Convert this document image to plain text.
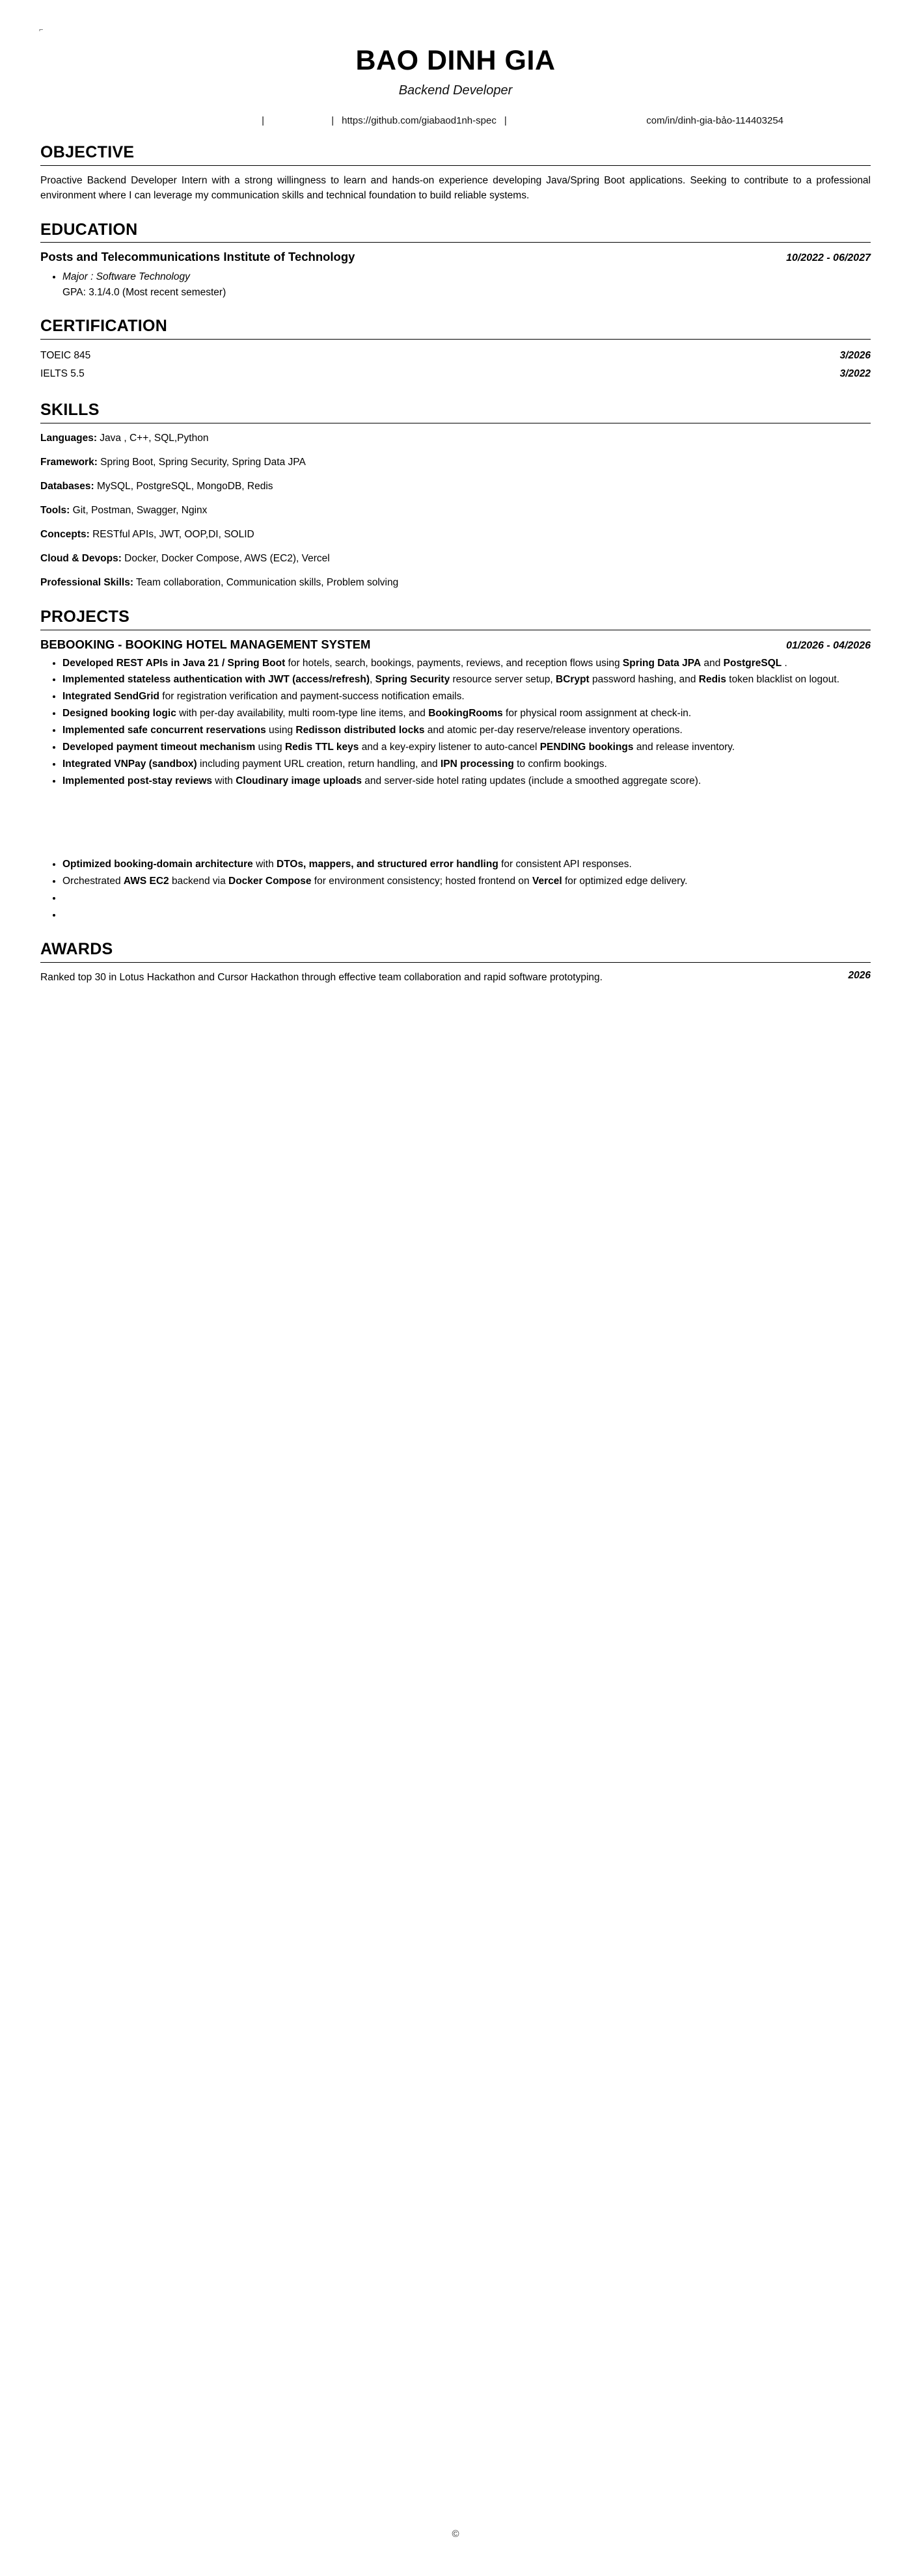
⌐
BAO DINH GIA
Backend Developer
|	| https://github.com/giabaod1nh-spec |	com/in/dinh-gia-bảo-114403254
OBJECTIVE
Proactive Backend Developer Intern with a strong willingness to learn and hands-on experience developing Java/Spring Boot applications. Seeking to contribute to a professional environment where I can leverage my communication skills and technical foundation to build reliable systems.
EDUCATION
Posts and Telecommunications Institute of Technology	10/2022 - 06/2027
• Major : Software Technology
GPA: 3.1/4.0 (Most recent semester)
CERTIFICATION
TOEIC 845	3/2026
IELTS 5.5	3/2022
SKILLS
Languages: Java , C++, SQL,Python
Framework: Spring Boot, Spring Security, Spring Data JPA
Databases: MySQL, PostgreSQL, MongoDB, Redis
Tools: Git, Postman, Swagger, Nginx
Concepts: RESTful APIs, JWT, OOP,DI, SOLID
Cloud & Devops: Docker, Docker Compose, AWS (EC2), Vercel
Professional Skills: Team collaboration, Communication skills, Problem solving
PROJECTS
BEBOOKING - BOOKING HOTEL MANAGEMENT SYSTEM	01/2026 - 04/2026
• Developed REST APIs in Java 21 / Spring Boot for hotels, search, bookings, payments, reviews, and reception flows using Spring Data JPA and PostgreSQL .
• Implemented stateless authentication with JWT (access/refresh), Spring Security resource server setup, BCrypt password hashing, and Redis token blacklist on logout.
• Integrated SendGrid for registration verification and payment-success notification emails.
• Designed booking logic with per-day availability, multi room-type line items, and BookingRooms for physical room assignment at check-in.
• Implemented safe concurrent reservations using Redisson distributed locks and atomic per-day reserve/release inventory operations.
• Developed payment timeout mechanism using Redis TTL keys and a key-expiry listener to auto-cancel PENDING bookings and release inventory.
• Integrated VNPay (sandbox) including payment URL creation, return handling, and IPN processing to confirm bookings.
• Implemented post-stay reviews with Cloudinary image uploads and server-side hotel rating updates (include a smoothed aggregate score).
• Optimized booking-domain architecture with DTOs, mappers, and structured error handling for consistent API responses.
• Orchestrated AWS EC2 backend via Docker Compose for environment consistency; hosted frontend on Vercel for optimized edge delivery.
•
•
AWARDS
Ranked top 30 in Lotus Hackathon and Cursor Hackathon through effective team collaboration and rapid software prototyping.	2026
©
